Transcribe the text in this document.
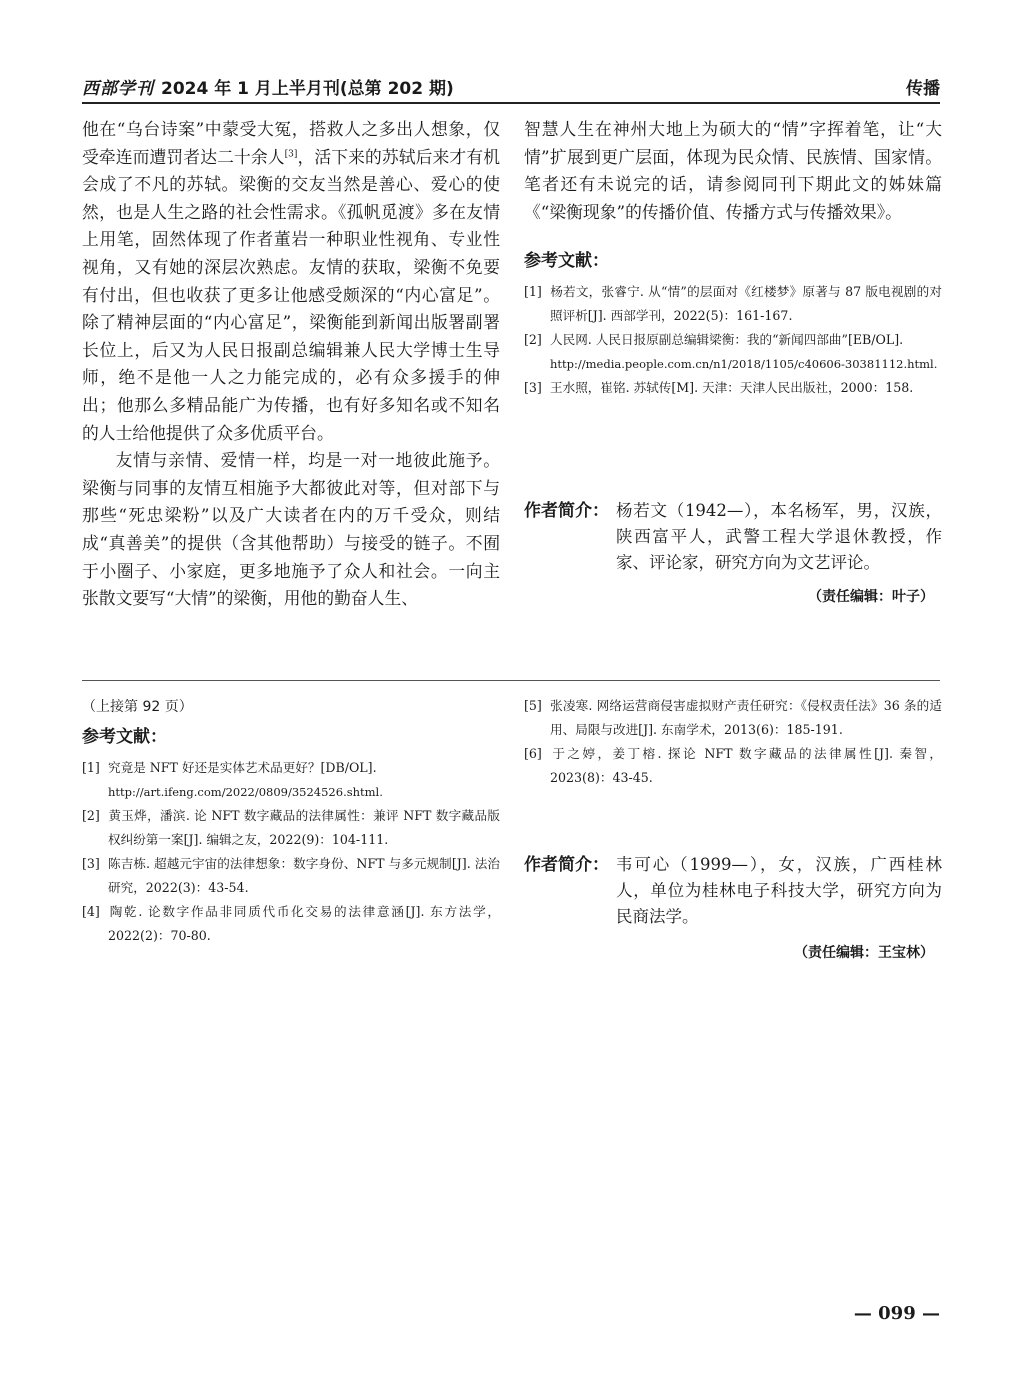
西部学刊 2024 年 1 月上半月刊(总第 202 期)	传播

他在“乌台诗案”中蒙受大冤，搭救人之多出人想象，仅受牵连而遭罚者达二十余人[3]，活下来的苏轼后来才有机会成了不凡的苏轼。梁衡的交友当然是善心、爱心的使然，也是人生之路的社会性需求。《孤帆觅渡》多在友情上用笔，固然体现了作者董岩一种职业性视角、专业性视角，又有她的深层次熟虑。友情的获取，梁衡不免要有付出，但也收获了更多让他感受颇深的“内心富足”。除了精神层面的“内心富足”，梁衡能到新闻出版署副署长位上，后又为人民日报副总编辑兼人民大学博士生导师，绝不是他一人之力能完成的，必有众多援手的伸出；他那么多精品能广为传播，也有好多知名或不知名的人士给他提供了众多优质平台。

友情与亲情、爱情一样，均是一对一地彼此施予。梁衡与同事的友情互相施予大都彼此对等，但对部下与那些“死忠梁粉”以及广大读者在内的万千受众，则结成“真善美”的提供（含其他帮助）与接受的链子。不囿于小圈子、小家庭，更多地施予了众人和社会。一向主张散文要写“大情”的梁衡，用他的勤奋人生、

智慧人生在神州大地上为硕大的“情”字挥着笔，让“大情”扩展到更广层面，体现为民众情、民族情、国家情。笔者还有未说完的话，请参阅同刊下期此文的姊妹篇《“梁衡现象”的传播价值、传播方式与传播效果》。

参考文献：

[1] 杨若文，张睿宁. 从“情”的层面对《红楼梦》原著与 87 版电视剧的对照评析[J]. 西部学刊，2022(5)：161-167.

[2] 人民网. 人民日报原副总编辑梁衡：我的“新闻四部曲”[EB/OL].
http://media.people.com.cn/n1/2018/1105/c40606-30381112.html.

[3] 王水照，崔铭. 苏轼传[M]. 天津：天津人民出版社，2000：158.

作者简介： 杨若文（1942—），本名杨军，男，汉族，陕西富平人，武警工程大学退休教授，作家、评论家，研究方向为文艺评论。
（责任编辑：叶子）

（上接第 92 页）

参考文献：

[1] 究竟是 NFT 好还是实体艺术品更好？[DB/OL].
http://art.ifeng.com/2022/0809/3524526.shtml.

[2] 黄玉烨，潘滨. 论 NFT 数字藏品的法律属性：兼评 NFT 数字藏品版权纠纷第一案[J]. 编辑之友，2022(9)：104-111.

[3] 陈吉栋. 超越元宇宙的法律想象：数字身份、NFT 与多元规制[J]. 法治研究，2022(3)：43-54.

[4] 陶乾. 论数字作品非同质代币化交易的法律意涵[J]. 东方法学，2022(2)：70-80.

[5] 张凌寒. 网络运营商侵害虚拟财产责任研究：《侵权责任法》36 条的适用、局限与改进[J]. 东南学术，2013(6)：185-191.

[6] 于之婷，姜丁榕. 探论 NFT 数字藏品的法律属性[J]. 秦智，2023(8)：43-45.

作者简介： 韦可心（1999—），女，汉族，广西桂林人，单位为桂林电子科技大学，研究方向为民商法学。
（责任编辑：王宝林）
— 099 —
